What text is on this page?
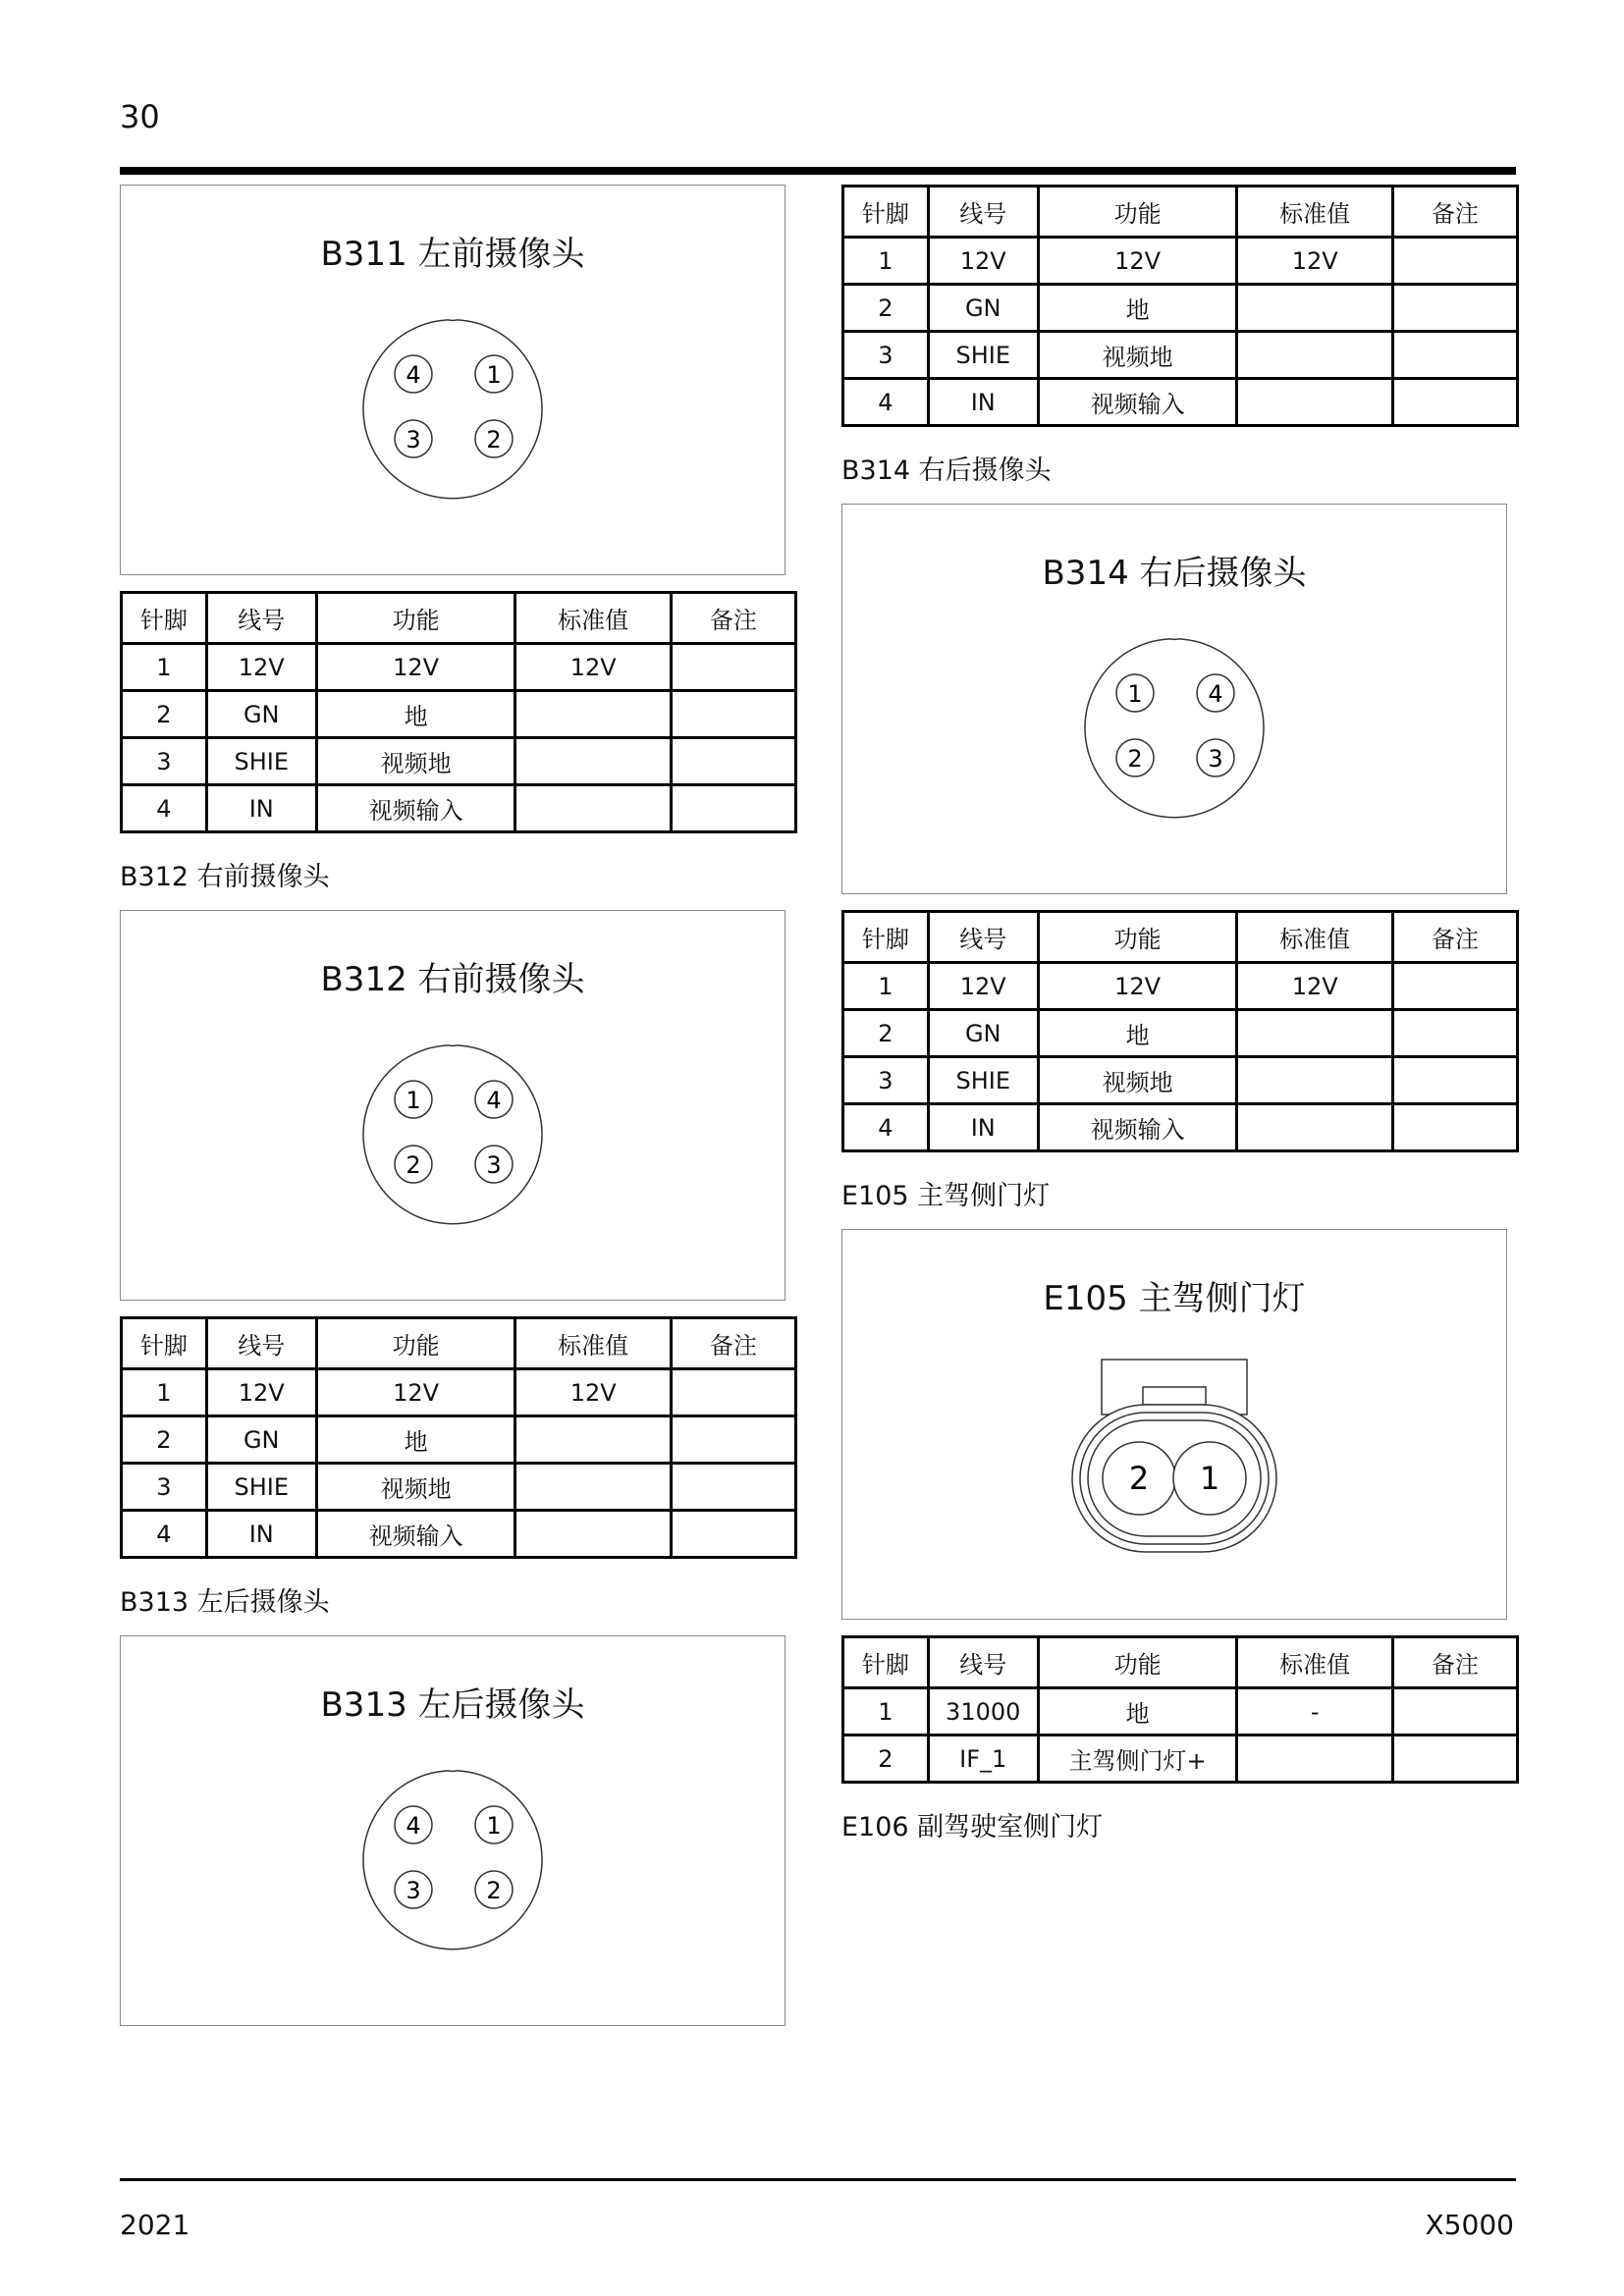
30
B311 左前摄像头
4	1
3	2
针脚	线号	功能	标准值	备注
1	12V	12V	12V	
2	GN	地		
3	SHIE	视频地		
4	IN	视频输入		
B312 右前摄像头
B312 右前摄像头
1	4
2	3
针脚	线号	功能	标准值	备注
1	12V	12V	12V	
2	GN	地		
3	SHIE	视频地		
4	IN	视频输入		
B313 左后摄像头
B313 左后摄像头
4	1
3	2
针脚	线号	功能	标准值	备注
1	12V	12V	12V	
2	GN	地		
3	SHIE	视频地		
4	IN	视频输入		
B314 右后摄像头
B314 右后摄像头
1	4
2	3
针脚	线号	功能	标准值	备注
1	12V	12V	12V	
2	GN	地		
3	SHIE	视频地		
4	IN	视频输入		
E105 主驾侧门灯
E105 主驾侧门灯
2 1
针脚	线号	功能	标准值	备注
1	31000	地	-	
2	IF_1	主驾侧门灯+		
E106 副驾驶室侧门灯
2021	X5000
